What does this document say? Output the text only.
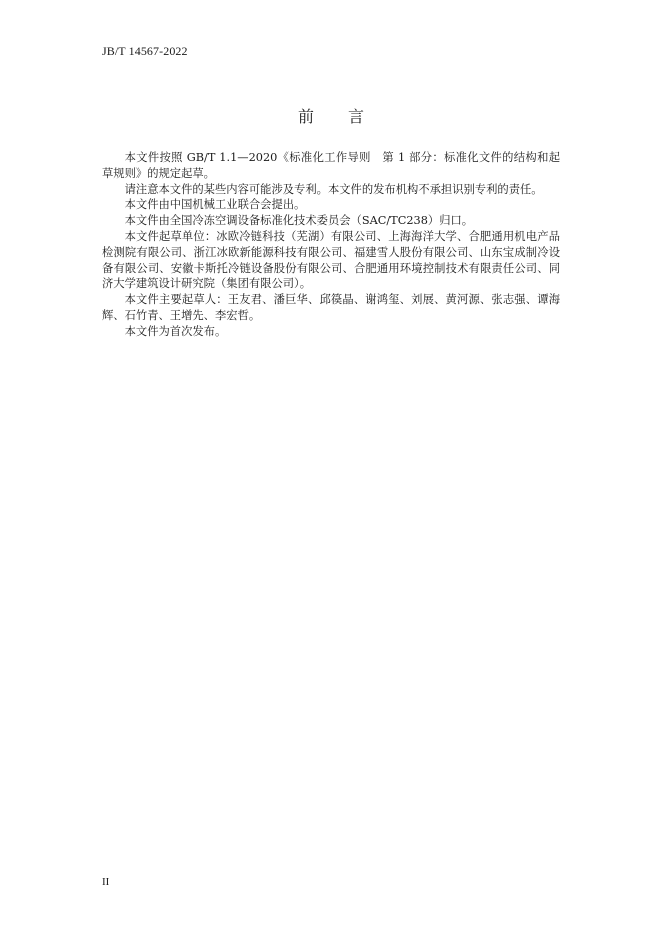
JB/T 14567-2022
前言

本文件按照 GB/T 1.1—2020《标准化工作导则　第 1 部分：标准化文件的结构和起草规则》的规定起草。

请注意本文件的某些内容可能涉及专利。本文件的发布机构不承担识别专利的责任。

本文件由中国机械工业联合会提出。

本文件由全国冷冻空调设备标准化技术委员会（SAC/TC238）归口。

本文件起草单位：冰欧冷链科技（芜湖）有限公司、上海海洋大学、合肥通用机电产品检测院有限公司、浙江冰欧新能源科技有限公司、福建雪人股份有限公司、山东宝成制冷设备有限公司、安徽卡斯托冷链设备股份有限公司、合肥通用环境控制技术有限责任公司、同济大学建筑设计研究院（集团有限公司）。

本文件主要起草人：王友君、潘巨华、邱篌晶、谢鸿玺、刘展、黄河源、张志强、谭海辉、石竹青、王增先、李宏哲。

本文件为首次发布。

II
